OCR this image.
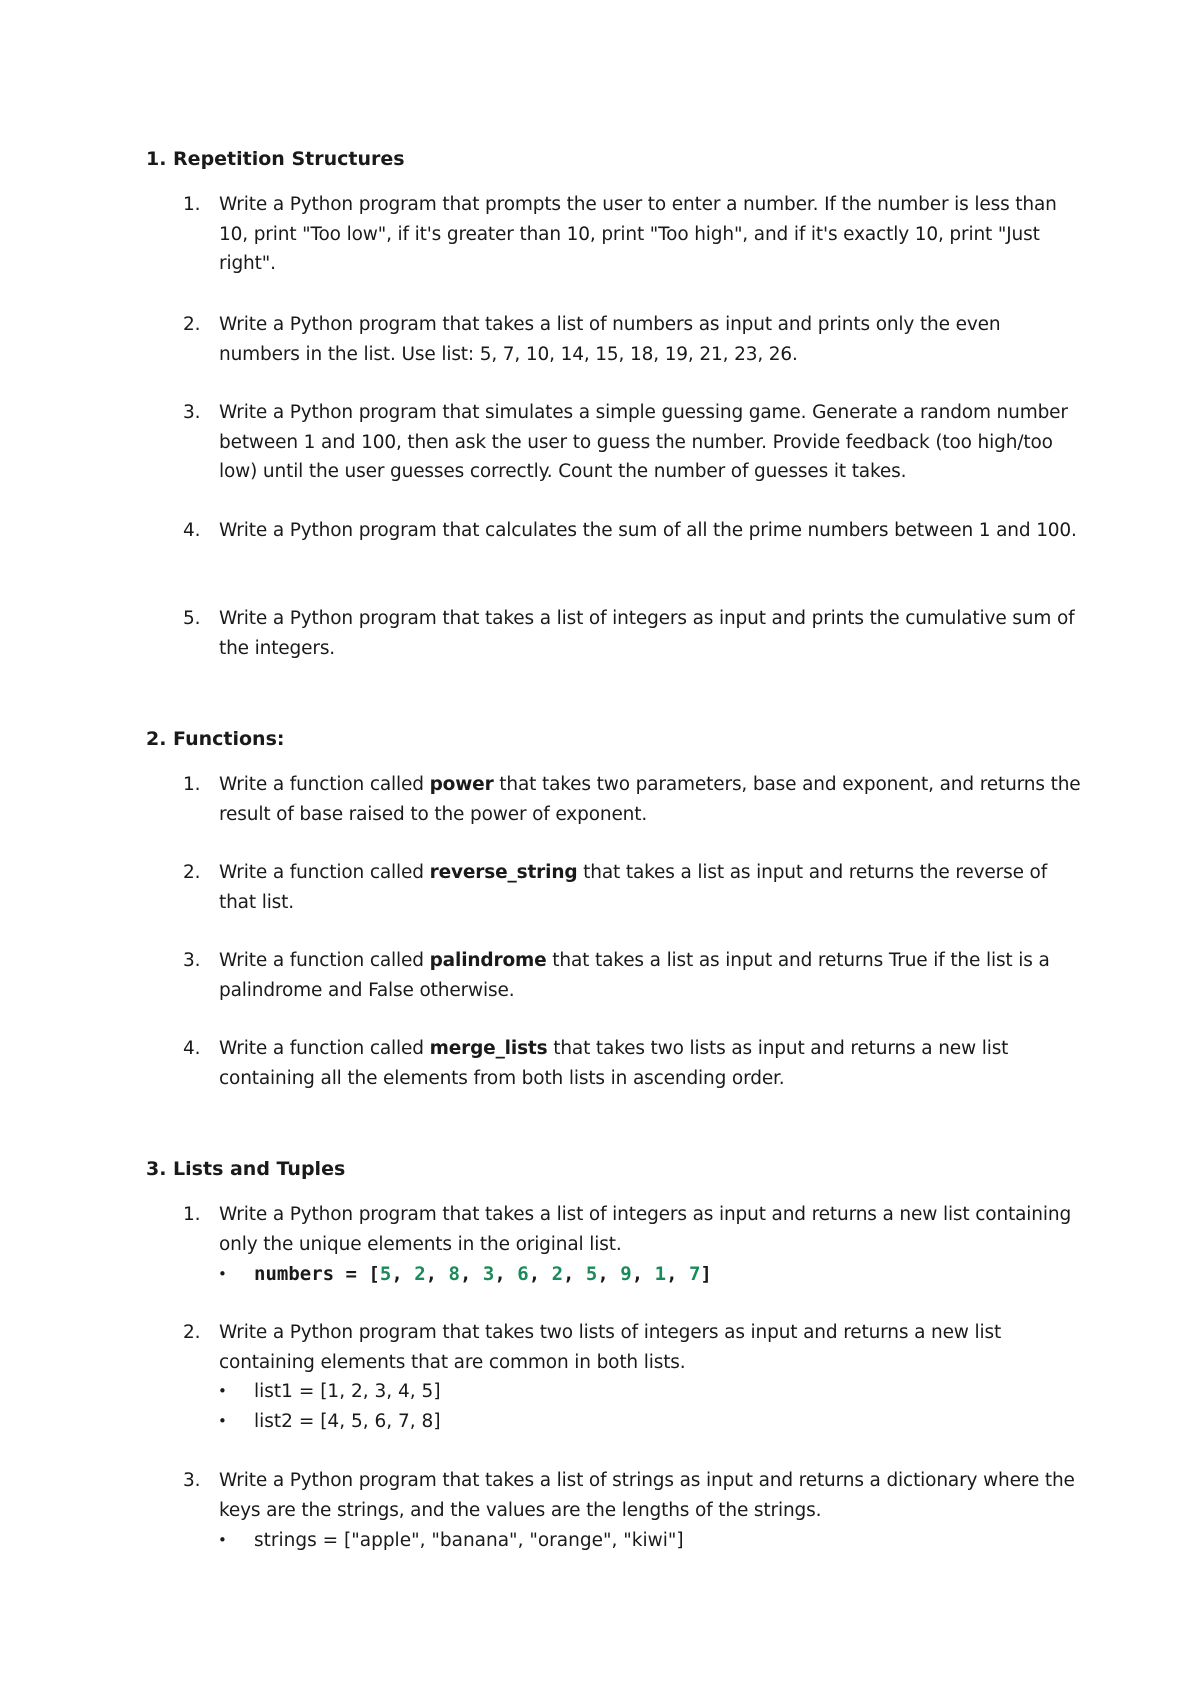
1. Repetition Structures
1.	Write a Python program that prompts the user to enter a number. If the number is less than 10, print "Too low", if it's greater than 10, print "Too high", and if it's exactly 10, print "Just right".
2.	Write a Python program that takes a list of numbers as input and prints only the even numbers in the list. Use list: 5, 7, 10, 14, 15, 18, 19, 21, 23, 26.
3.	Write a Python program that simulates a simple guessing game. Generate a random number between 1 and 100, then ask the user to guess the number. Provide feedback (too high/too low) until the user guesses correctly. Count the number of guesses it takes.
4.	Write a Python program that calculates the sum of all the prime numbers between 1 and 100.
5.	Write a Python program that takes a list of integers as input and prints the cumulative sum of the integers.
2. Functions:
1.	Write a function called power that takes two parameters, base and exponent, and returns the result of base raised to the power of exponent.
2.	Write a function called reverse_string that takes a list as input and returns the reverse of that list.
3.	Write a function called palindrome that takes a list as input and returns True if the list is a palindrome and False otherwise.
4.	Write a function called merge_lists that takes two lists as input and returns a new list containing all the elements from both lists in ascending order.
3. Lists and Tuples
1.	Write a Python program that takes a list of integers as input and returns a new list containing only the unique elements in the original list.
• numbers = [5, 2, 8, 3, 6, 2, 5, 9, 1, 7]
2.	Write a Python program that takes two lists of integers as input and returns a new list containing elements that are common in both lists.
• list1 = [1, 2, 3, 4, 5]
• list2 = [4, 5, 6, 7, 8]
3.	Write a Python program that takes a list of strings as input and returns a dictionary where the keys are the strings, and the values are the lengths of the strings.
• strings = ["apple", "banana", "orange", "kiwi"]
